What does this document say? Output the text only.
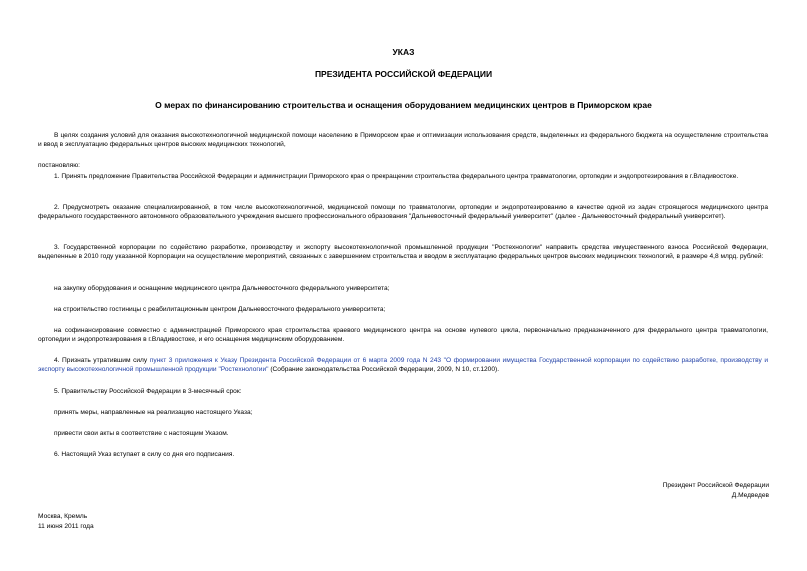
УКАЗ

ПРЕЗИДЕНТА РОССИЙСКОЙ ФЕДЕРАЦИИ

О мерах по финансированию строительства и оснащения оборудованием медицинских центров в Приморском крае

В целях создания условий для оказания высокотехнологичной медицинской помощи населению в Приморском крае и оптимизации использования средств, выделенных из федерального бюджета на осуществление строительства и ввод в эксплуатацию федеральных центров высоких медицинских технологий,

постановляю:

1. Принять предложение Правительства Российской Федерации и администрации Приморского края о прекращении строительства федерального центра травматологии, ортопедии и эндопротезирования в г.Владивостоке.

2. Предусмотреть оказание специализированной, в том числе высокотехнологичной, медицинской помощи по травматологии, ортопедии и эндопротезированию в качестве одной из задач строящегося медицинского центра федерального государственного автономного образовательного учреждения высшего профессионального образования "Дальневосточный федеральный университет" (далее - Дальневосточный федеральный университет).

3. Государственной корпорации по содействию разработке, производству и экспорту высокотехнологичной промышленной продукции "Ростехнологии" направить средства имущественного взноса Российской Федерации, выделенные в 2010 году указанной Корпорации на осуществление мероприятий, связанных с завершением строительства и вводом в эксплуатацию федеральных центров высоких медицинских технологий, в размере 4,8 млрд. рублей:

на закупку оборудования и оснащение медицинского центра Дальневосточного федерального университета;

на строительство гостиницы с реабилитационным центром Дальневосточного федерального университета;

на софинансирование совместно с администрацией Приморского края строительства краевого медицинского центра на основе нулевого цикла, первоначально предназначенного для федерального центра травматологии, ортопедии и эндопротезирования в г.Владивостоке, и его оснащения медицинским оборудованием.

4. Признать утратившим силу пункт 3 приложения к Указу Президента Российской Федерации от 6 марта 2009 года N 243 "О формировании имущества Государственной корпорации по содействию разработке, производству и экспорту высокотехнологичной промышленной продукции "Ростехнологии" (Собрание законодательства Российской Федерации, 2009, N 10, ст.1200).

5. Правительству Российской Федерации в 3-месячный срок:

принять меры, направленные на реализацию настоящего Указа;

привести свои акты в соответствие с настоящим Указом.

6. Настоящий Указ вступает в силу со дня его подписания.

Президент Российской Федерации

Д.Медведев

Москва, Кремль

11 июня 2011 года
